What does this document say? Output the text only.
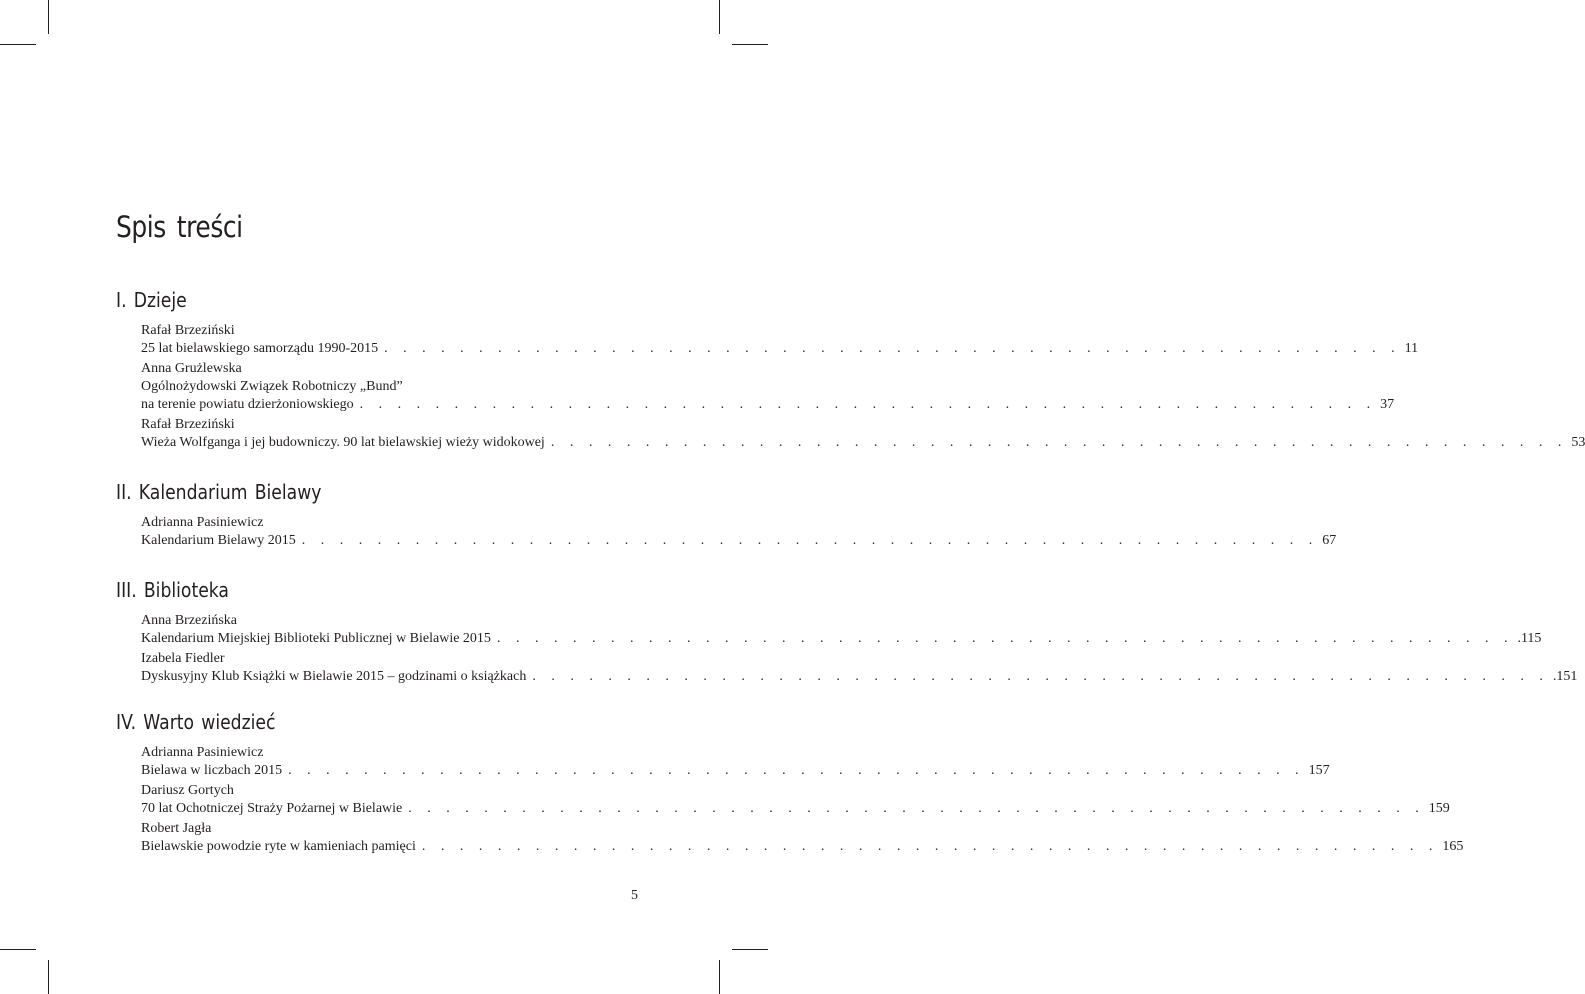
Spis treści
I. Dzieje
Rafał Brzeziński
25 lat bielawskiego samorządu 1990-2015 . . . . . . . . . . . . . . . . . . . . . . . . . . . . . . . . . . . . . . . . . . . . . . . . . . . . . . 11
Anna Grużlewska
Ogólnożydowski Związek Robotniczy „Bund”
na terenie powiatu dzierżoniowskiego . . . . . . . . . . . . . . . . . . . . . . . . . . . . . . . . . . . . . . . . . . . . . . . . . . . . . . 37
Rafał Brzeziński
Wieża Wolfganga i jej budowniczy. 90 lat bielawskiej wieży widokowej . . . . . . . . . . . . . . . . . . . . . . . . . . . . . . . . . . . . . . . . . . . . . . . . . . . . . . 53
II. Kalendarium Bielawy
Adrianna Pasiniewicz
Kalendarium Bielawy 2015 . . . . . . . . . . . . . . . . . . . . . . . . . . . . . . . . . . . . . . . . . . . . . . . . . . . . . . 67
III. Biblioteka
Anna Brzezińska
Kalendarium Miejskiej Biblioteki Publicznej w Bielawie 2015 . . . . . . . . . . . . . . . . . . . . . . . . . . . . . . . . . . . . . . . . . . . . . . . . . . . . . . .115
Izabela Fiedler
Dyskusyjny Klub Książki w Bielawie 2015 – godzinami o książkach . . . . . . . . . . . . . . . . . . . . . . . . . . . . . . . . . . . . . . . . . . . . . . . . . . . . . . .151
IV. Warto wiedzieć
Adrianna Pasiniewicz
Bielawa w liczbach 2015 . . . . . . . . . . . . . . . . . . . . . . . . . . . . . . . . . . . . . . . . . . . . . . . . . . . . . . 157
Dariusz Gortych
70 lat Ochotniczej Straży Pożarnej w Bielawie . . . . . . . . . . . . . . . . . . . . . . . . . . . . . . . . . . . . . . . . . . . . . . . . . . . . . . 159
Robert Jagła
Bielawskie powodzie ryte w kamieniach pamięci . . . . . . . . . . . . . . . . . . . . . . . . . . . . . . . . . . . . . . . . . . . . . . . . . . . . . . 165
5
